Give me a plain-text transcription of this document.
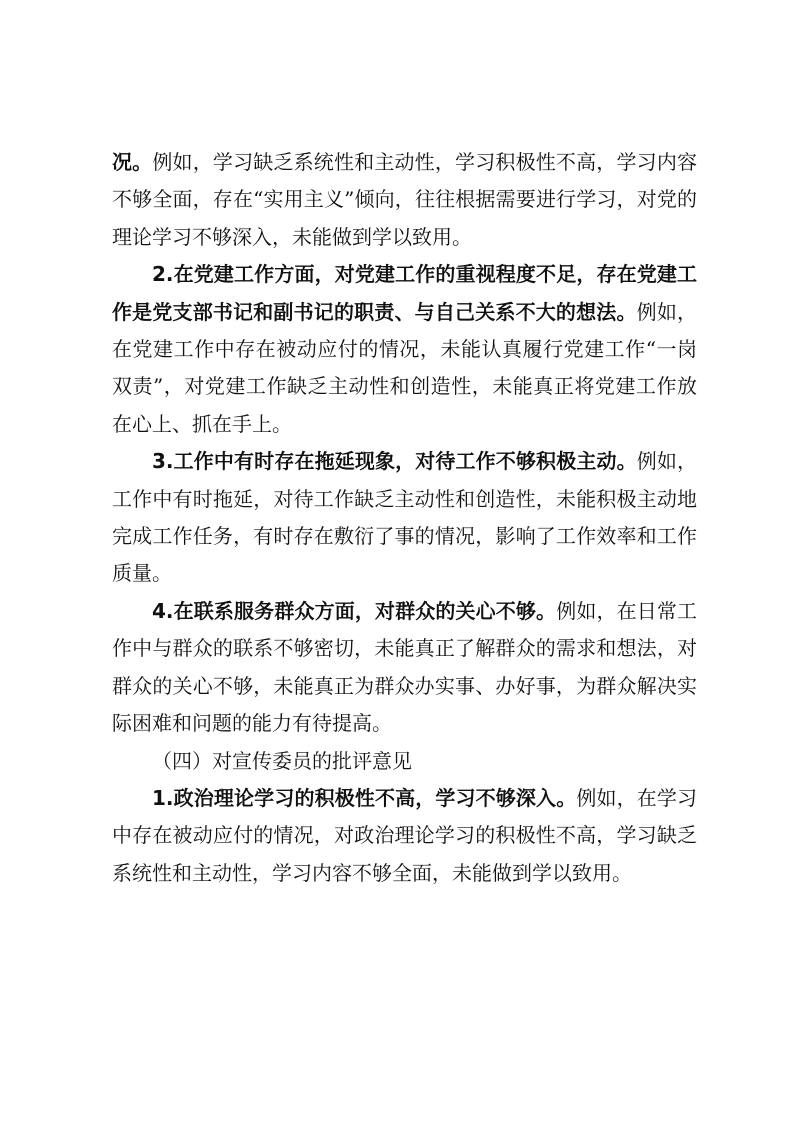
况。例如，学习缺乏系统性和主动性，学习积极性不高，学习内容不够全面，存在“实用主义”倾向，往往根据需要进行学习，对党的理论学习不够深入，未能做到学以致用。

2.在党建工作方面，对党建工作的重视程度不足，存在党建工作是党支部书记和副书记的职责、与自己关系不大的想法。例如，在党建工作中存在被动应付的情况，未能认真履行党建工作“一岗双责”，对党建工作缺乏主动性和创造性，未能真正将党建工作放在心上、抓在手上。

3.工作中有时存在拖延现象，对待工作不够积极主动。例如，工作中有时拖延，对待工作缺乏主动性和创造性，未能积极主动地完成工作任务，有时存在敷衍了事的情况，影响了工作效率和工作质量。

4.在联系服务群众方面，对群众的关心不够。例如，在日常工作中与群众的联系不够密切，未能真正了解群众的需求和想法，对群众的关心不够，未能真正为群众办实事、办好事，为群众解决实际困难和问题的能力有待提高。

（四）对宣传委员的批评意见

1.政治理论学习的积极性不高，学习不够深入。例如，在学习中存在被动应付的情况，对政治理论学习的积极性不高，学习缺乏系统性和主动性，学习内容不够全面，未能做到学以致用。
